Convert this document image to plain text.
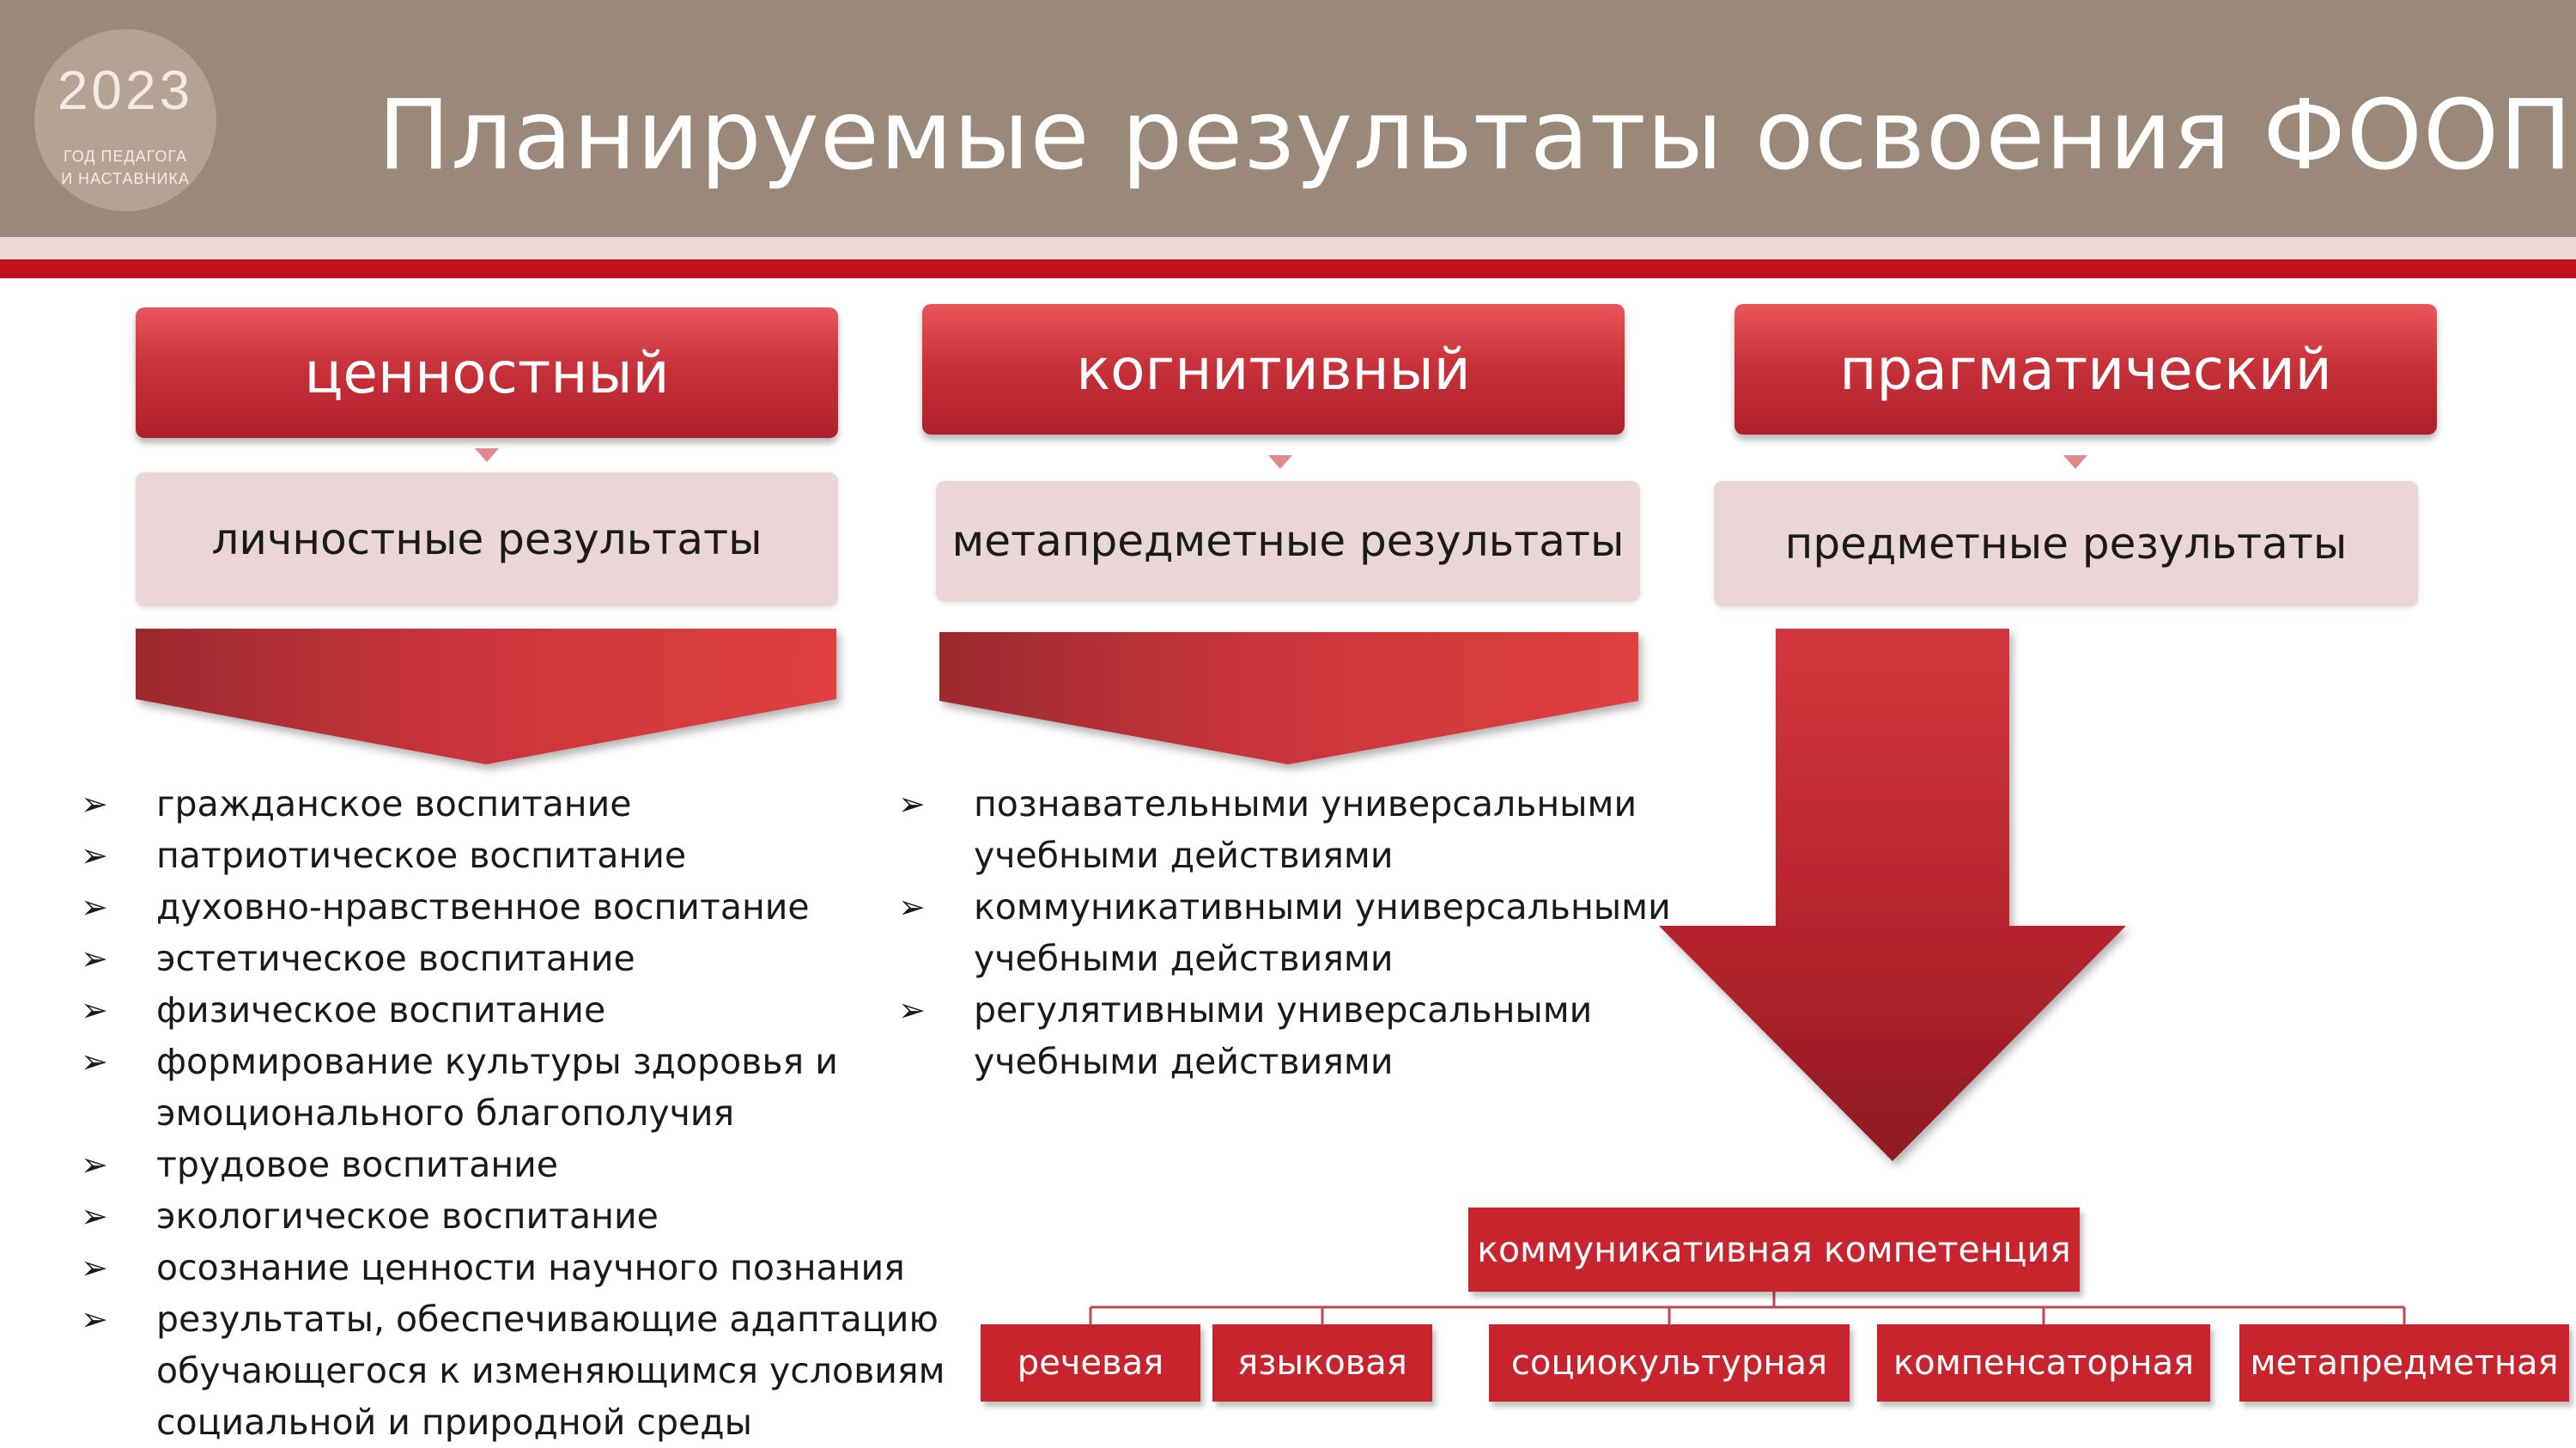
2023
ГОД ПЕДАГОГА
И НАСТАВНИКА Планируемые результаты освоения ФООП
ценностный	когнитивный	прагматический
личностные результаты	метапредметные результаты	предметные результаты
➢ гражданское воспитание
➢ патриотическое воспитание
➢ духовно-нравственное воспитание
➢ эстетическое воспитание
➢ физическое воспитание
➢ формирование культуры здоровья и эмоционального благополучия
➢ трудовое воспитание
➢ экологическое воспитание
➢ осознание ценности научного познания
➢ результаты, обеспечивающие адаптацию обучающегося к изменяющимся условиям социальной и природной среды
➢ познавательными универсальными учебными действиями
➢ коммуникативными универсальными учебными действиями
➢ регулятивными универсальными учебными действиями
коммуникативная компетенция
речевая	языковая	социокультурная	компенсаторная	метапредметная
